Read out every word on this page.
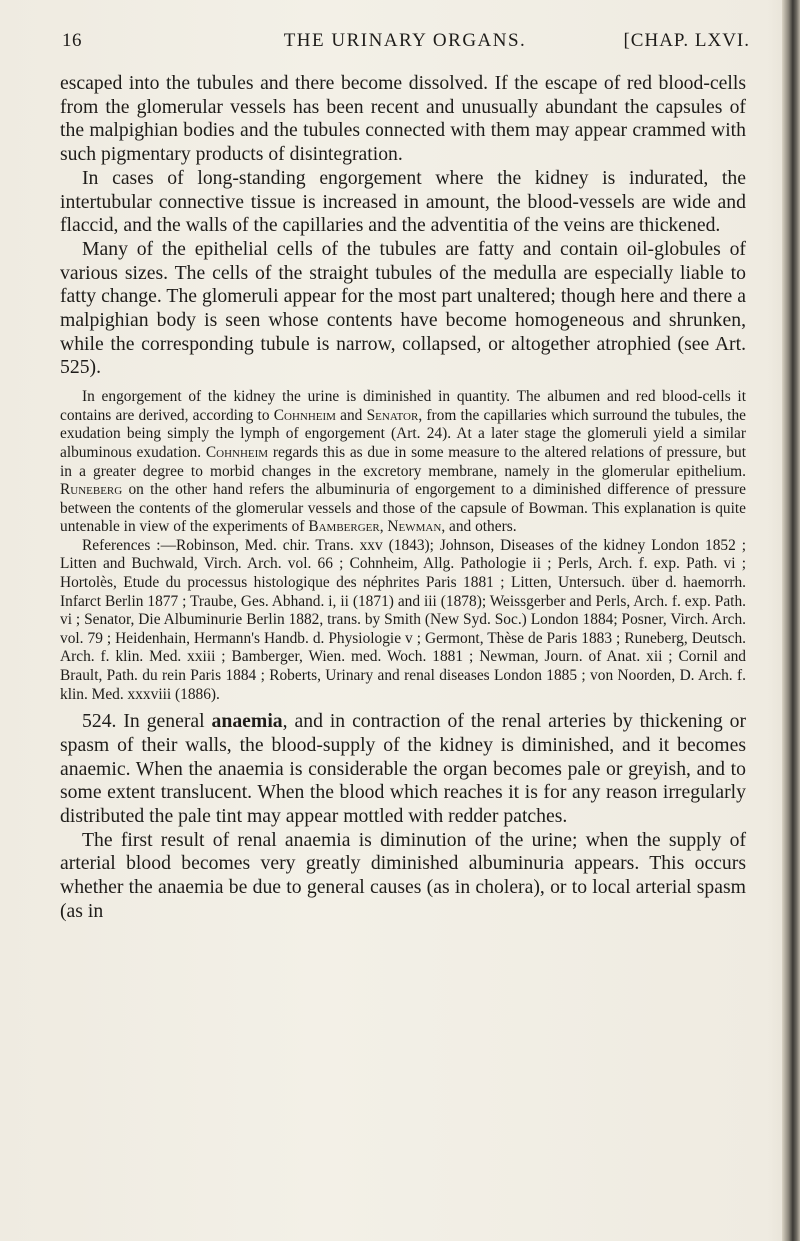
16	THE URINARY ORGANS.	[CHAP. LXVI.

escaped into the tubules and there become dissolved. If the escape of red blood-cells from the glomerular vessels has been recent and unusually abundant the capsules of the malpighian bodies and the tubules connected with them may appear crammed with such pigmentary products of disintegration.

In cases of long-standing engorgement where the kidney is indurated, the intertubular connective tissue is increased in amount, the blood-vessels are wide and flaccid, and the walls of the capillaries and the adventitia of the veins are thickened.

Many of the epithelial cells of the tubules are fatty and contain oil-globules of various sizes. The cells of the straight tubules of the medulla are especially liable to fatty change. The glomeruli appear for the most part unaltered; though here and there a malpighian body is seen whose contents have become homogeneous and shrunken, while the corresponding tubule is narrow, collapsed, or altogether atrophied (see Art. 525).

In engorgement of the kidney the urine is diminished in quantity. The albumen and red blood-cells it contains are derived, according to Cohnheim and Senator, from the capillaries which surround the tubules, the exudation being simply the lymph of engorgement (Art. 24). At a later stage the glomeruli yield a similar albuminous exudation. Cohnheim regards this as due in some measure to the altered relations of pressure, but in a greater degree to morbid changes in the excretory membrane, namely in the glomerular epithelium. Runeberg on the other hand refers the albuminuria of engorgement to a diminished difference of pressure between the contents of the glomerular vessels and those of the capsule of Bowman. This explanation is quite untenable in view of the experiments of Bamberger, Newman, and others.

References :—Robinson, Med. chir. Trans. xxv (1843); Johnson, Diseases of the kidney London 1852 ; Litten and Buchwald, Virch. Arch. vol. 66 ; Cohnheim, Allg. Pathologie ii ; Perls, Arch. f. exp. Path. vi ; Hortolès, Etude du processus histologique des néphrites Paris 1881 ; Litten, Untersuch. über d. haemorrh. Infarct Berlin 1877 ; Traube, Ges. Abhand. i, ii (1871) and iii (1878); Weissgerber and Perls, Arch. f. exp. Path. vi ; Senator, Die Albuminurie Berlin 1882, trans. by Smith (New Syd. Soc.) London 1884; Posner, Virch. Arch. vol. 79 ; Heidenhain, Hermann's Handb. d. Physiologie v ; Germont, Thèse de Paris 1883 ; Runeberg, Deutsch. Arch. f. klin. Med. xxiii ; Bamberger, Wien. med. Woch. 1881 ; Newman, Journ. of Anat. xii ; Cornil and Brault, Path. du rein Paris 1884 ; Roberts, Urinary and renal diseases London 1885 ; von Noorden, D. Arch. f. klin. Med. xxxviii (1886).

524. In general anaemia, and in contraction of the renal arteries by thickening or spasm of their walls, the blood-supply of the kidney is diminished, and it becomes anaemic. When the anaemia is considerable the organ becomes pale or greyish, and to some extent translucent. When the blood which reaches it is for any reason irregularly distributed the pale tint may appear mottled with redder patches.

The first result of renal anaemia is diminution of the urine; when the supply of arterial blood becomes very greatly diminished albuminuria appears. This occurs whether the anaemia be due to general causes (as in cholera), or to local arterial spasm (as in
